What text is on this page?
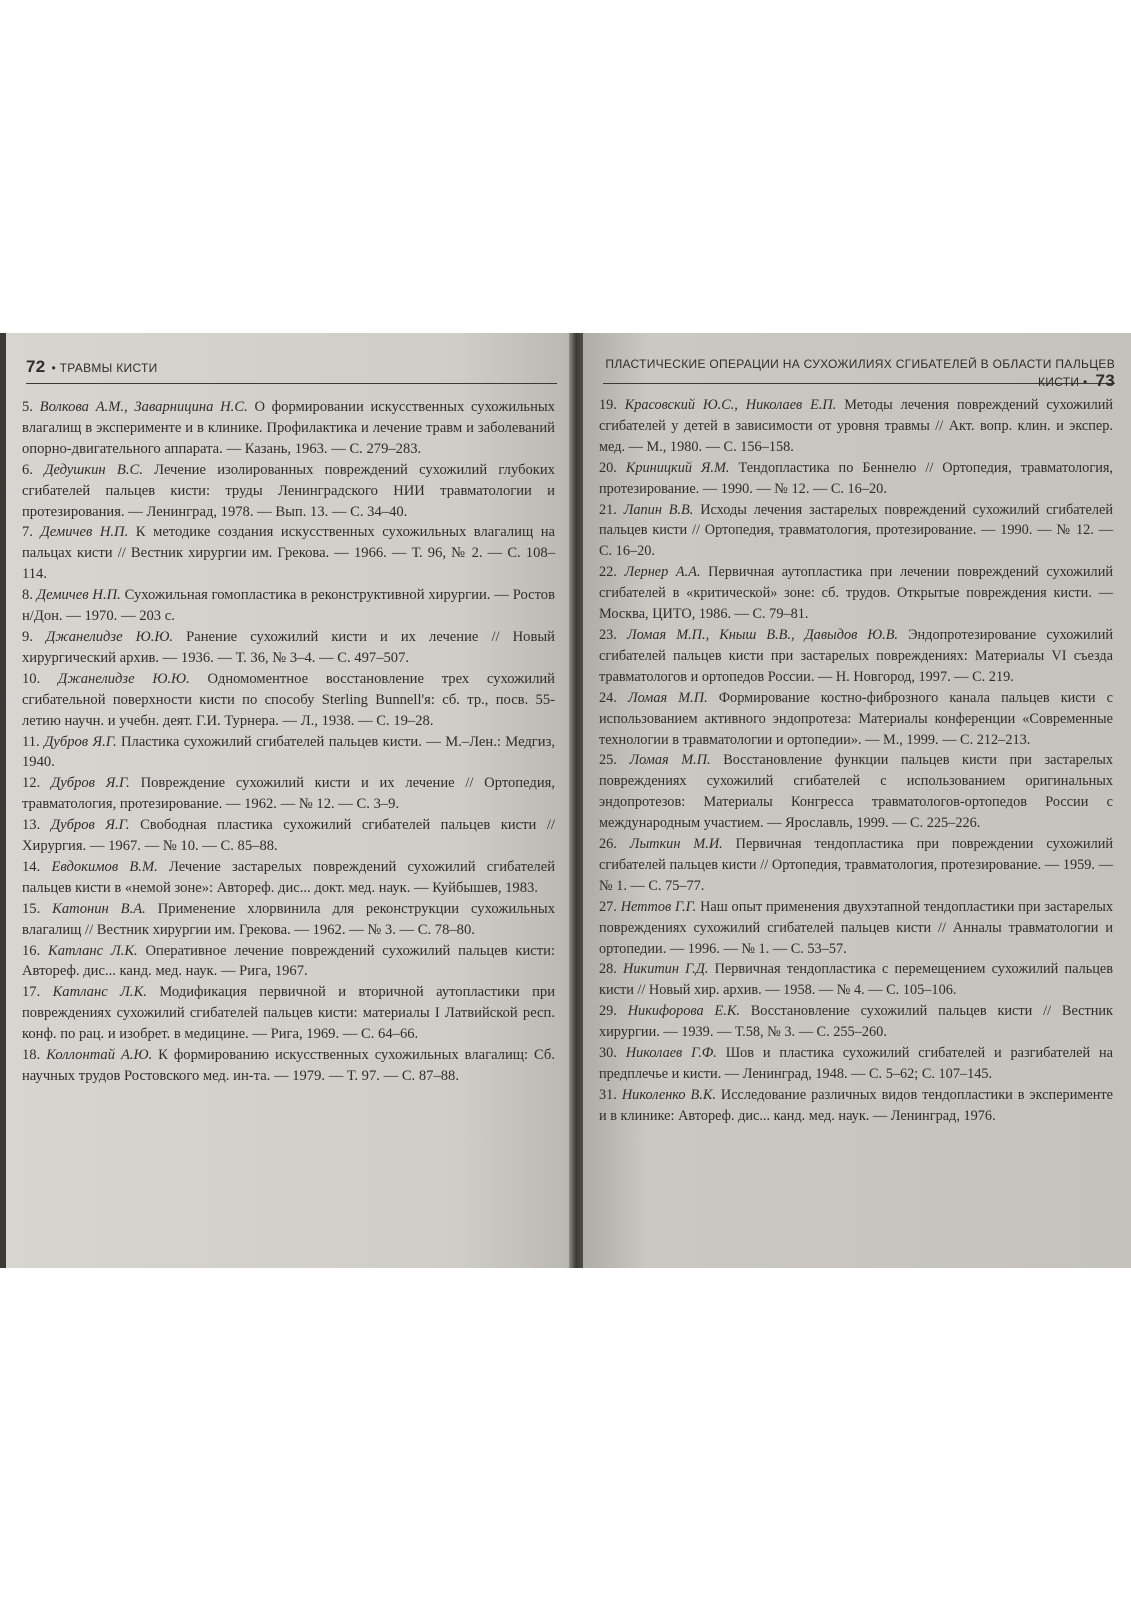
72 • ТРАВМЫ КИСТИ

5. Волкова А.М., Заварницина Н.С. О формировании искусственных сухожильных влагалищ в эксперименте и в клинике. Профилактика и лечение травм и заболеваний опорно-двигательного аппарата. — Казань, 1963. — С. 279–283.

6. Дедушкин В.С. Лечение изолированных повреждений сухожилий глубоких сгибателей пальцев кисти: труды Ленинградского НИИ травматологии и протезирования. — Ленинград, 1978. — Вып. 13. — С. 34–40.

7. Демичев Н.П. К методике создания искусственных сухожильных влагалищ на пальцах кисти // Вестник хирургии им. Грекова. — 1966. — Т. 96, № 2. — С. 108–114.

8. Демичев Н.П. Сухожильная гомопластика в реконструктивной хирургии. — Ростов н/Дон. — 1970. — 203 с.

9. Джанелидзе Ю.Ю. Ранение сухожилий кисти и их лечение // Новый хирургический архив. — 1936. — Т. 36, № 3–4. — С. 497–507.

10. Джанелидзе Ю.Ю. Одномоментное восстановление трех сухожилий сгибательной поверхности кисти по способу Sterling Bunnell'я: сб. тр., посв. 55-летию научн. и учебн. деят. Г.И. Турнера. — Л., 1938. — С. 19–28.

11. Дубров Я.Г. Пластика сухожилий сгибателей пальцев кисти. — М.–Лен.: Медгиз, 1940.

12. Дубров Я.Г. Повреждение сухожилий кисти и их лечение // Ортопедия, травматология, протезирование. — 1962. — № 12. — С. 3–9.

13. Дубров Я.Г. Свободная пластика сухожилий сгибателей пальцев кисти // Хирургия. — 1967. — № 10. — С. 85–88.

14. Евдокимов В.М. Лечение застарелых повреждений сухожилий сгибателей пальцев кисти в «немой зоне»: Автореф. дис... докт. мед. наук. — Куйбышев, 1983.

15. Катонин В.А. Применение хлорвинила для реконструкции сухожильных влагалищ // Вестник хирургии им. Грекова. — 1962. — № 3. — С. 78–80.

16. Катланс Л.К. Оперативное лечение повреждений сухожилий пальцев кисти: Автореф. дис... канд. мед. наук. — Рига, 1967.

17. Катланс Л.К. Модификация первичной и вторичной аутопластики при повреждениях сухожилий сгибателей пальцев кисти: материалы I Латвийской респ. конф. по рац. и изобрет. в медицине. — Рига, 1969. — С. 64–66.

18. Коллонтай А.Ю. К формированию искусственных сухожильных влагалищ: Сб. научных трудов Ростовского мед. ин-та. — 1979. — Т. 97. — С. 87–88.

ПЛАСТИЧЕСКИЕ ОПЕРАЦИИ НА СУХОЖИЛИЯХ СГИБАТЕЛЕЙ В ОБЛАСТИ ПАЛЬЦЕВ КИСТИ • 73

19. Красовский Ю.С., Николаев Е.П. Методы лечения повреждений сухожилий сгибателей у детей в зависимости от уровня травмы // Акт. вопр. клин. и экспер. мед. — М., 1980. — С. 156–158.

20. Криницкий Я.М. Тендопластика по Беннелю // Ортопедия, травматология, протезирование. — 1990. — № 12. — С. 16–20.

21. Лапин В.В. Исходы лечения застарелых повреждений сухожилий сгибателей пальцев кисти // Ортопедия, травматология, протезирование. — 1990. — № 12. — С. 16–20.

22. Лернер А.А. Первичная аутопластика при лечении повреждений сухожилий сгибателей в «критической» зоне: сб. трудов. Открытые повреждения кисти. — Москва, ЦИТО, 1986. — С. 79–81.

23. Ломая М.П., Кныш В.В., Давыдов Ю.В. Эндопротезирование сухожилий сгибателей пальцев кисти при застарелых повреждениях: Материалы VI съезда травматологов и ортопедов России. — Н. Новгород, 1997. — С. 219.

24. Ломая М.П. Формирование костно-фиброзного канала пальцев кисти с использованием активного эндопротеза: Материалы конференции «Современные технологии в травматологии и ортопедии». — М., 1999. — С. 212–213.

25. Ломая М.П. Восстановление функции пальцев кисти при застарелых повреждениях сухожилий сгибателей с использованием оригинальных эндопротезов: Материалы Конгресса травматологов-ортопедов России с международным участием. — Ярославль, 1999. — С. 225–226.

26. Лыткин М.И. Первичная тендопластика при повреждении сухожилий сгибателей пальцев кисти // Ортопедия, травматология, протезирование. — 1959. — № 1. — С. 75–77.

27. Неттов Г.Г. Наш опыт применения двухэтапной тендопластики при застарелых повреждениях сухожилий сгибателей пальцев кисти // Анналы травматологии и ортопедии. — 1996. — № 1. — С. 53–57.

28. Никитин Г.Д. Первичная тендопластика с перемещением сухожилий пальцев кисти // Новый хир. архив. — 1958. — № 4. — С. 105–106.

29. Никифорова Е.К. Восстановление сухожилий пальцев кисти // Вестник хирургии. — 1939. — Т.58, № 3. — С. 255–260.

30. Николаев Г.Ф. Шов и пластика сухожилий сгибателей и разгибателей на предплечье и кисти. — Ленинград, 1948. — С. 5–62; С. 107–145.

31. Николенко В.К. Исследование различных видов тендопластики в эксперименте и в клинике: Автореф. дис... канд. мед. наук. — Ленинград, 1976.
